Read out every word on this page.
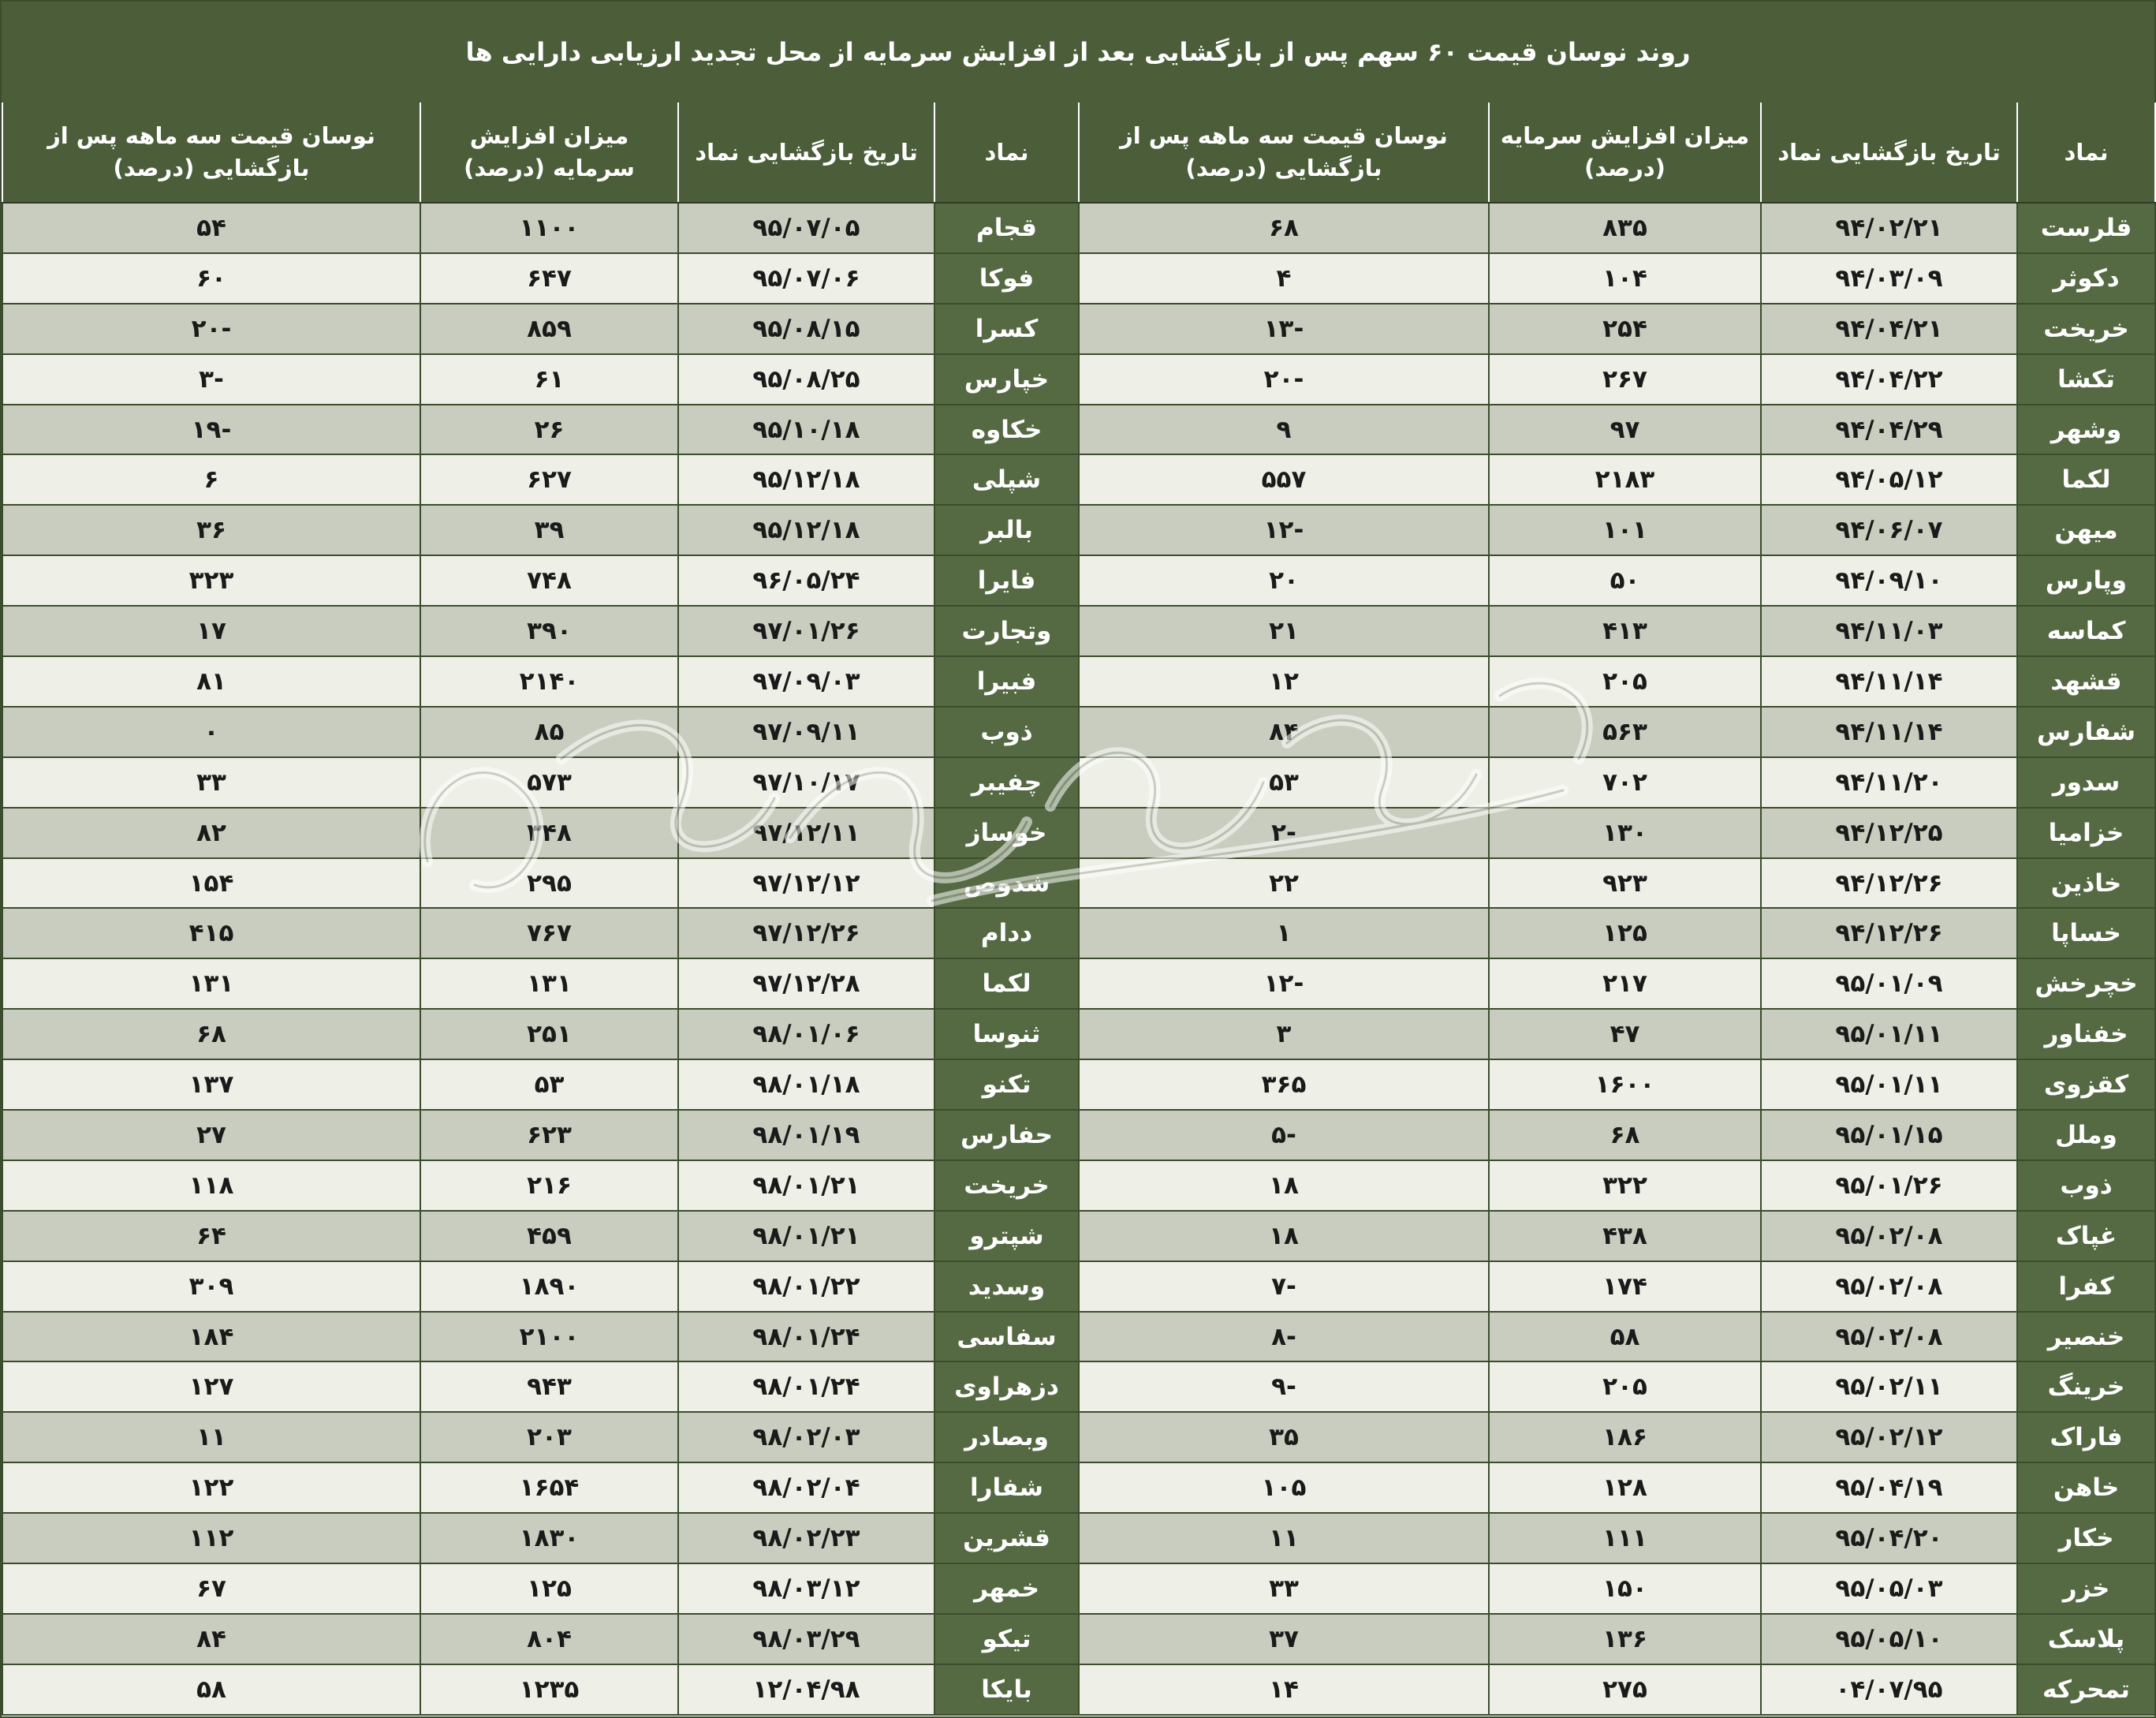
روند نوسان قیمت ۶۰ سهم پس از بازگشایی بعد از افزایش سرمایه از محل تجدید ارزیابی دارایی ها
نماد	تاریخ بازگشایی نماد	میزان افزایش سرمایه (درصد)	نوسان قیمت سه ماهه پس از بازگشایی (درصد)	نماد	تاریخ بازگشایی نماد	میزان افزایش سرمایه (درصد)	نوسان قیمت سه ماهه پس از بازگشایی (درصد)
قلرست	۹۴/۰۲/۲۱	۸۳۵	۶۸	قجام	۹۵/۰۷/۰۵	۱۱۰۰	۵۴
دکوثر	۹۴/۰۳/۰۹	۱۰۴	۴	فوکا	۹۵/۰۷/۰۶	۶۴۷	۶۰
خریخت	۹۴/۰۴/۲۱	۲۵۴	-۱۳	کسرا	۹۵/۰۸/۱۵	۸۵۹	-۲۰
تکشا	۹۴/۰۴/۲۲	۲۶۷	-۲۰	خپارس	۹۵/۰۸/۲۵	۶۱	-۳
وشهر	۹۴/۰۴/۲۹	۹۷	۹	خکاوه	۹۵/۱۰/۱۸	۲۶	-۱۹
لکما	۹۴/۰۵/۱۲	۲۱۸۳	۵۵۷	شپلی	۹۵/۱۲/۱۸	۶۲۷	۶
میهن	۹۴/۰۶/۰۷	۱۰۱	-۱۲	بالبر	۹۵/۱۲/۱۸	۳۹	۳۶
وپارس	۹۴/۰۹/۱۰	۵۰	۲۰	فایرا	۹۶/۰۵/۲۴	۷۴۸	۳۲۳
کماسه	۹۴/۱۱/۰۳	۴۱۳	۲۱	وتجارت	۹۷/۰۱/۲۶	۳۹۰	۱۷
قشهد	۹۴/۱۱/۱۴	۲۰۵	۱۲	فبیرا	۹۷/۰۹/۰۳	۲۱۴۰	۸۱
شفارس	۹۴/۱۱/۱۴	۵۶۳	۸۴	ذوب	۹۷/۰۹/۱۱	۸۵	۰
سدور	۹۴/۱۱/۲۰	۷۰۲	۵۳	چفیبر	۹۷/۱۰/۱۷	۵۷۳	۳۳
خزامیا	۹۴/۱۲/۲۵	۱۳۰	-۲	خوساز	۹۷/۱۲/۱۱	۳۴۸	۸۲
خاذین	۹۴/۱۲/۲۶	۹۲۳	۲۲	شدوص	۹۷/۱۲/۱۲	۲۹۵	۱۵۴
خساپا	۹۴/۱۲/۲۶	۱۲۵	۱	ددام	۹۷/۱۲/۲۶	۷۶۷	۴۱۵
خچرخش	۹۵/۰۱/۰۹	۲۱۷	-۱۲	لکما	۹۷/۱۲/۲۸	۱۳۱	۱۳۱
خفناور	۹۵/۰۱/۱۱	۴۷	۳	ثنوسا	۹۸/۰۱/۰۶	۲۵۱	۶۸
کقزوی	۹۵/۰۱/۱۱	۱۶۰۰	۳۶۵	تکنو	۹۸/۰۱/۱۸	۵۳	۱۳۷
وملل	۹۵/۰۱/۱۵	۶۸	-۵	حفارس	۹۸/۰۱/۱۹	۶۲۳	۲۷
ذوب	۹۵/۰۱/۲۶	۳۲۲	۱۸	خریخت	۹۸/۰۱/۲۱	۲۱۶	۱۱۸
غپاک	۹۵/۰۲/۰۸	۴۳۸	۱۸	شپترو	۹۸/۰۱/۲۱	۴۵۹	۶۴
کفرا	۹۵/۰۲/۰۸	۱۷۴	-۷	وسدید	۹۸/۰۱/۲۲	۱۸۹۰	۳۰۹
خنصیر	۹۵/۰۲/۰۸	۵۸	-۸	سفاسی	۹۸/۰۱/۲۴	۲۱۰۰	۱۸۴
خرینگ	۹۵/۰۲/۱۱	۲۰۵	-۹	دزهراوی	۹۸/۰۱/۲۴	۹۴۳	۱۲۷
فاراک	۹۵/۰۲/۱۲	۱۸۶	۳۵	وبصادر	۹۸/۰۲/۰۳	۲۰۳	۱۱
خاهن	۹۵/۰۴/۱۹	۱۲۸	۱۰۵	شفارا	۹۸/۰۲/۰۴	۱۶۵۴	۱۲۲
خکار	۹۵/۰۴/۲۰	۱۱۱	۱۱	قشرین	۹۸/۰۲/۲۳	۱۸۳۰	۱۱۲
خزر	۹۵/۰۵/۰۳	۱۵۰	۳۳	خمهر	۹۸/۰۳/۱۲	۱۲۵	۶۷
پلاسک	۹۵/۰۵/۱۰	۱۳۶	۳۷	تیکو	۹۸/۰۳/۲۹	۸۰۴	۸۴
تمحرکه	۰۴/۰۷/۹۵	۲۷۵	۱۴	بایکا	۱۲/۰۴/۹۸	۱۲۳۵	۵۸
